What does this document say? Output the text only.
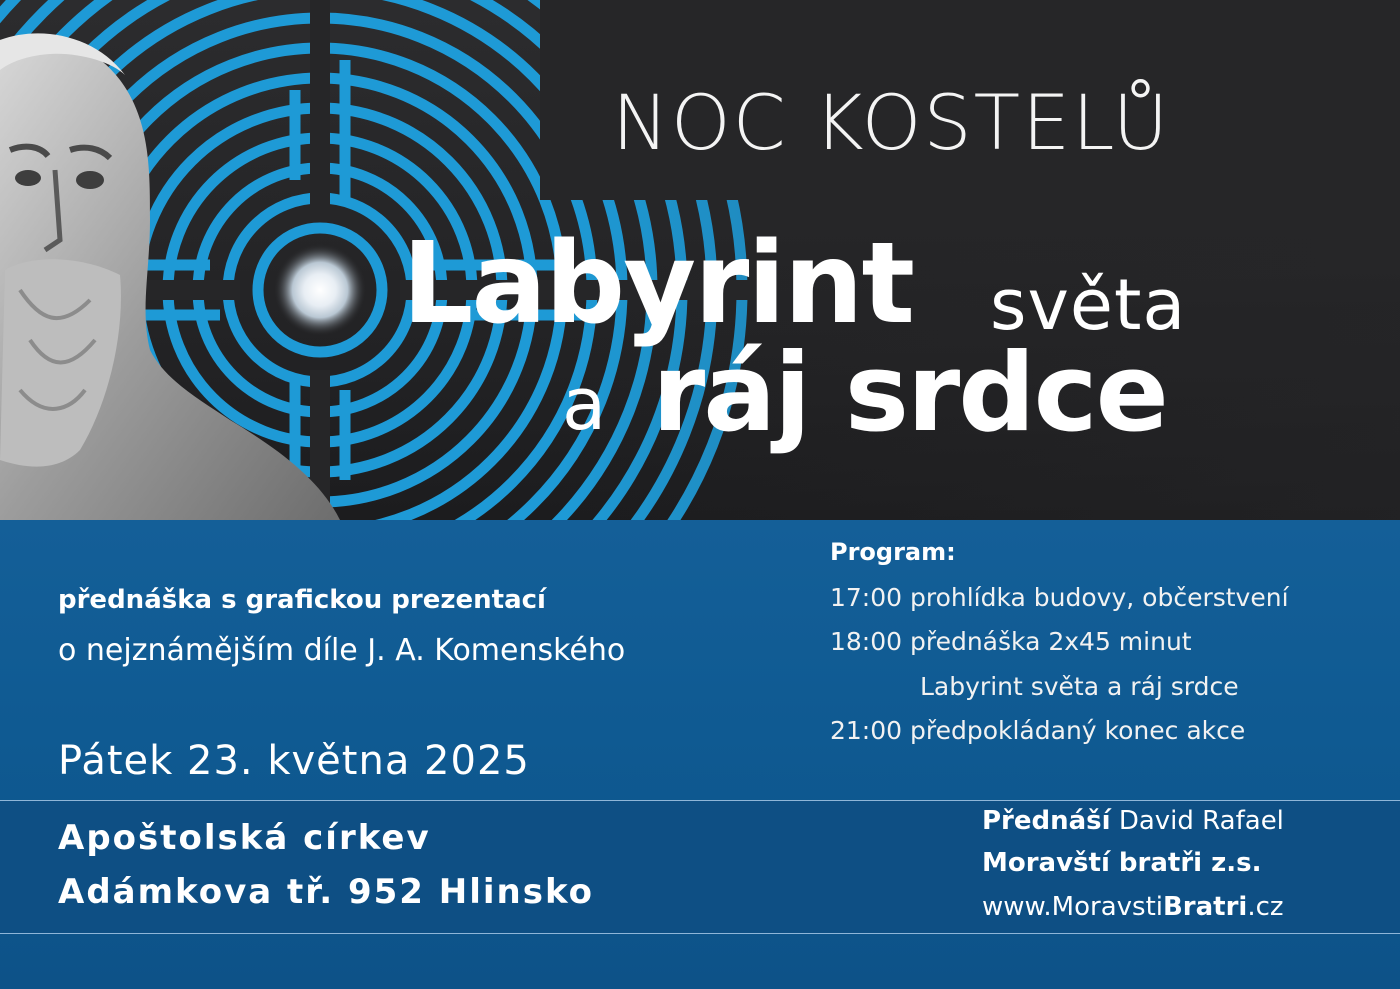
NOC KOSTELŮ
Labyrint světa
a ráj srdce
přednáška s grafickou prezentací
o nejznámějším díle J. A. Komenského
Pátek 23. května 2025
Apoštolská církev
Adámkova tř. 952 Hlinsko
Program:
17:00 prohlídka budovy, občerstvení
18:00 přednáška 2x45 minut
Labyrint světa a ráj srdce
21:00 předpokládaný konec akce
Přednáší David Rafael
Moravští bratři z.s.
www.MoravstiBratri.cz
